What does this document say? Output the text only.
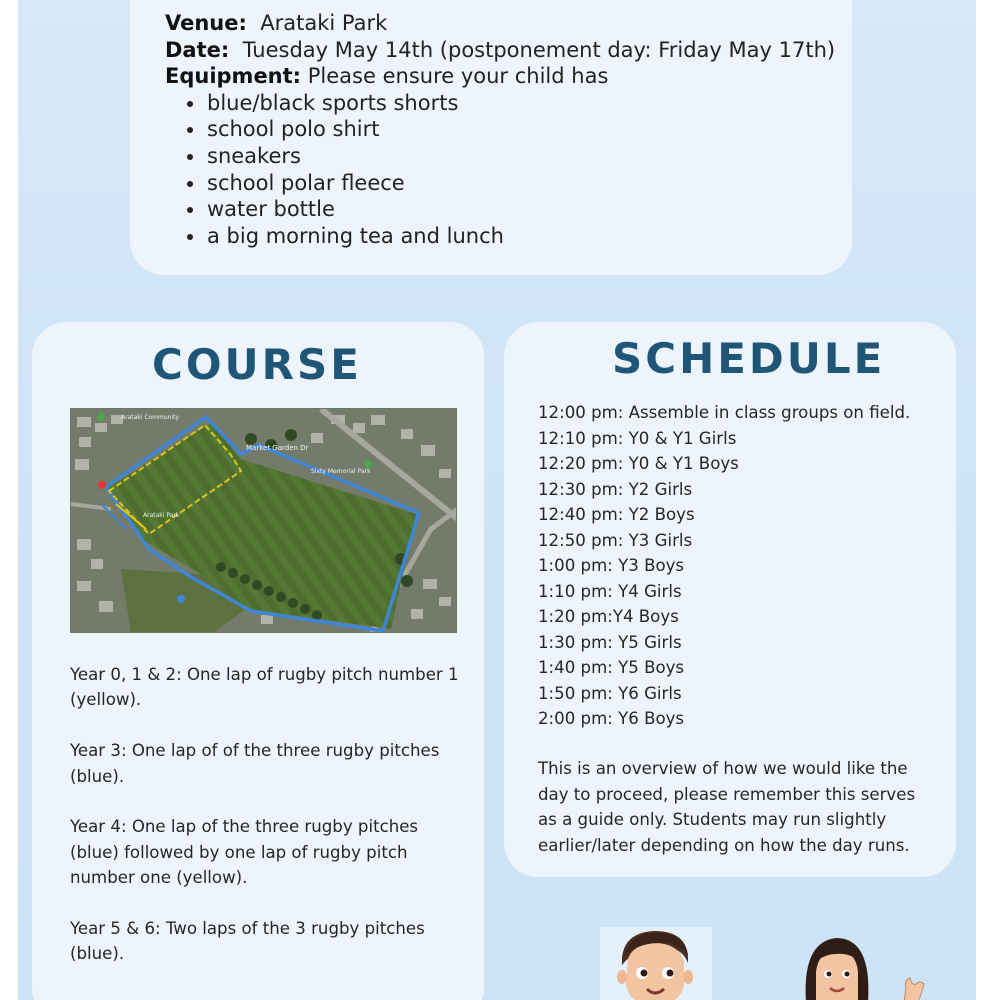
Venue: Arataki Park
Date: Tuesday May 14th (postponement day: Friday May 17th)
Equipment: Please ensure your child has
blue/black sports shorts
school polo shirt
sneakers
school polar fleece
water bottle
a big morning tea and lunch
COURSE
Market Garden Dr
Sixty Memorial Park
Arataki Park
Arataki Community

Year 0, 1 & 2: One lap of rugby pitch number 1 (yellow).

Year 3: One lap of of the three rugby pitches (blue).

Year 4: One lap of the three rugby pitches (blue) followed by one lap of rugby pitch number one (yellow).

Year 5 & 6: Two laps of the 3 rugby pitches (blue).

SCHEDULE
12:00 pm: Assemble in class groups on field.
12:10 pm: Y0 & Y1 Girls
12:20 pm: Y0 & Y1 Boys
12:30 pm: Y2 Girls
12:40 pm: Y2 Boys
12:50 pm: Y3 Girls
1:00 pm: Y3 Boys
1:10 pm: Y4 Girls
1:20 pm:Y4 Boys
1:30 pm: Y5 Girls
1:40 pm: Y5 Boys
1:50 pm: Y6 Girls
2:00 pm: Y6 Boys
This is an overview of how we would like the day to proceed, please remember this serves as a guide only. Students may run slightly earlier/later depending on how the day runs.
